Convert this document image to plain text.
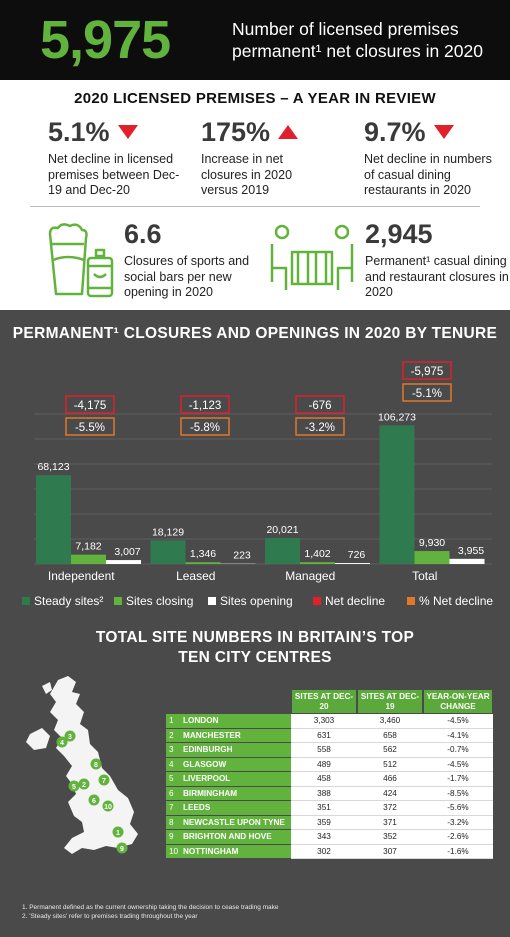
5,975	Number of licensed premises permanent¹ net closures in 2020
2020 LICENSED PREMISES – A YEAR IN REVIEW
5.1%
Net decline in licensed premises between Dec-19 and Dec-20
175%
Increase in net closures in 2020 versus 2019
9.7%
Net decline in numbers of casual dining restaurants in 2020
6.6
Closures of sports and social bars per new opening in 2020
2,945
Permanent¹ casual dining and restaurant closures in 2020
PERMANENT¹ CLOSURES AND OPENINGS IN 2020 BY TENURE
68,123
7,182 3,007
Independent
18,129
1,346 223
Leased
20,021
1,402 726
Managed
106,273
9,930
3,955
Total
-4,175	-1,123	-676
-5,975
-5.5%	-5.8%	-3.2%
-5.1%
Steady sites² Sites closing Sites opening	Net decline	% Net decline
TOTAL SITE NUMBERS IN BRITAIN’S TOP TEN CITY CENTRES
1
2
3
4
5
6
7
8
9
10
		SITES AT DEC-20	SITES AT DEC-19	YEAR-ON-YEAR CHANGE
1	LONDON	3,303	3,460	-4.5%
2	MANCHESTER	631	658	-4.1%
3	EDINBURGH	558	562	-0.7%
4	GLASGOW	489	512	-4.5%
5	LIVERPOOL	458	466	-1.7%
6	BIRMINGHAM	388	424	-8.5%
7	LEEDS	351	372	-5.6%
8	NEWCASTLE UPON TYNE	359	371	-3.2%
9	BRIGHTON AND HOVE	343	352	-2.6%
10	NOTTINGHAM	302	307	-1.6%
1. Permanent defined as the current ownership taking the decision to cease trading make
2. 'Steady sites' refer to premises trading throughout the year
